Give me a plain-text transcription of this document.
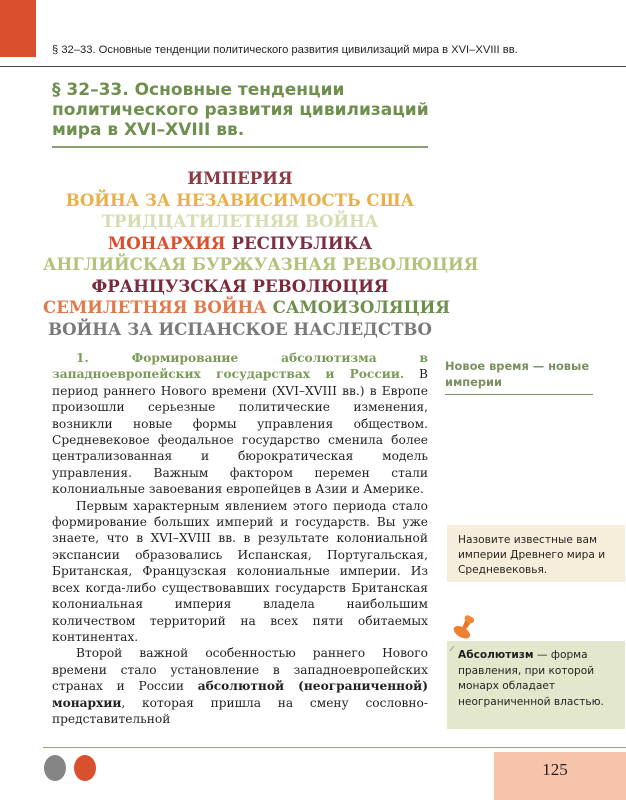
§ 32–33. Основные тенденции политического развития цивилизаций мира в XVI–XVIII вв.
§ 32–33. Основные тенденции политического развития цивилизаций мира в XVI–XVIII вв.
ИМПЕРИЯ
ВОЙНА ЗА НЕЗАВИСИМОСТЬ США
ТРИДЦАТИЛЕТНЯЯ ВОЙНА
МОНАРХИЯ РЕСПУБЛИКА
АНГЛИЙСКАЯ БУРЖУАЗНАЯ РЕВОЛЮЦИЯ
ФРАНЦУЗСКАЯ РЕВОЛЮЦИЯ
СЕМИЛЕТНЯЯ ВОЙНА САМОИЗОЛЯЦИЯ
ВОЙНА ЗА ИСПАНСКОЕ НАСЛЕДСТВО

1. Формирование абсолютизма в западноевропейских государствах и России. В период раннего Нового времени (XVI–XVIII вв.) в Европе произошли серьезные политические изменения, возникли новые формы управления обществом. Средневековое феодальное государство сменила более централизованная и бюрократическая модель управления. Важным фактором перемен стали колониальные завоевания европейцев в Азии и Америке.

Первым характерным явлением этого периода стало формирование больших империй и государств. Вы уже знаете, что в XVI–XVIII вв. в результате колониальной экспансии образовались Испанская, Португальская, Британская, Французская колониальные империи. Из всех когда-либо существовавших государств Британская колониальная империя владела наибольшим количеством территорий на всех пяти обитаемых континентах.

Второй важной особенностью раннего Нового времени стало установление в западноевропейских странах и России абсолютной (неограниченной) монархии, которая пришла на смену сословно-представительной

Новое время — новые империи
Назовите известные вам империи Древнего мира и Средневековья.
Абсолютизм — форма правления, при которой монарх обладает неограниченной властью.
125
